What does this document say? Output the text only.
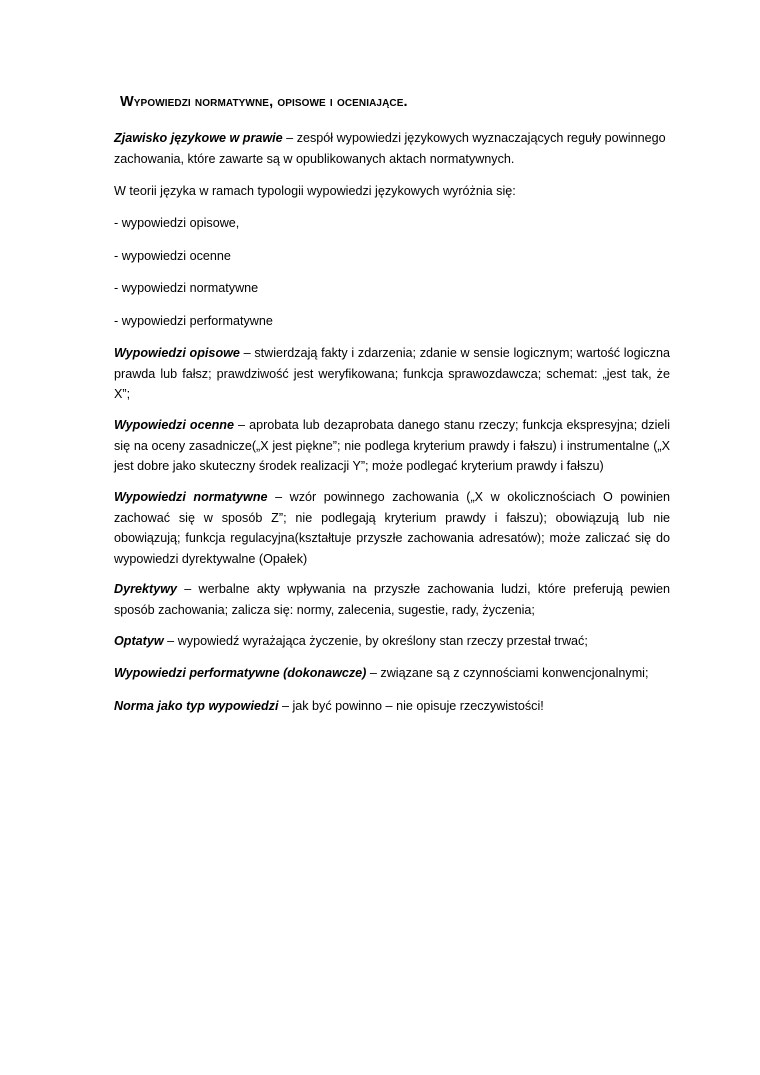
Wypowiedzi normatywne, opisowe i oceniające.

Zjawisko językowe w prawie – zespół wypowiedzi językowych wyznaczających reguły powinnego zachowania, które zawarte są w opublikowanych aktach normatywnych.

W teorii języka w ramach typologii wypowiedzi językowych wyróżnia się:

- wypowiedzi opisowe,

- wypowiedzi ocenne

- wypowiedzi normatywne

- wypowiedzi performatywne

Wypowiedzi opisowe – stwierdzają fakty i zdarzenia; zdanie w sensie logicznym; wartość logiczna prawda lub fałsz; prawdziwość jest weryfikowana; funkcja sprawozdawcza; schemat: „jest tak, że X”;

Wypowiedzi ocenne – aprobata lub dezaprobata danego stanu rzeczy; funkcja ekspresyjna; dzieli się na oceny zasadnicze(„X jest piękne”; nie podlega kryterium prawdy i fałszu) i instrumentalne („X jest dobre jako skuteczny środek realizacji Y”; może podlegać kryterium prawdy i fałszu)

Wypowiedzi normatywne – wzór powinnego zachowania („X w okolicznościach O powinien zachować się w sposób Z”; nie podlegają kryterium prawdy i fałszu); obowiązują lub nie obowiązują; funkcja regulacyjna(kształtuje przyszłe zachowania adresatów); może zaliczać się do wypowiedzi dyrektywalne (Opałek)

Dyrektywy – werbalne akty wpływania na przyszłe zachowania ludzi, które preferują pewien sposób zachowania; zalicza się: normy, zalecenia, sugestie, rady, życzenia;

Optatyw – wypowiedź wyrażająca życzenie, by określony stan rzeczy przestał trwać;

Wypowiedzi performatywne (dokonawcze) – związane są z czynnościami konwencjonalnymi;

Norma jako typ wypowiedzi – jak być powinno – nie opisuje rzeczywistości!
